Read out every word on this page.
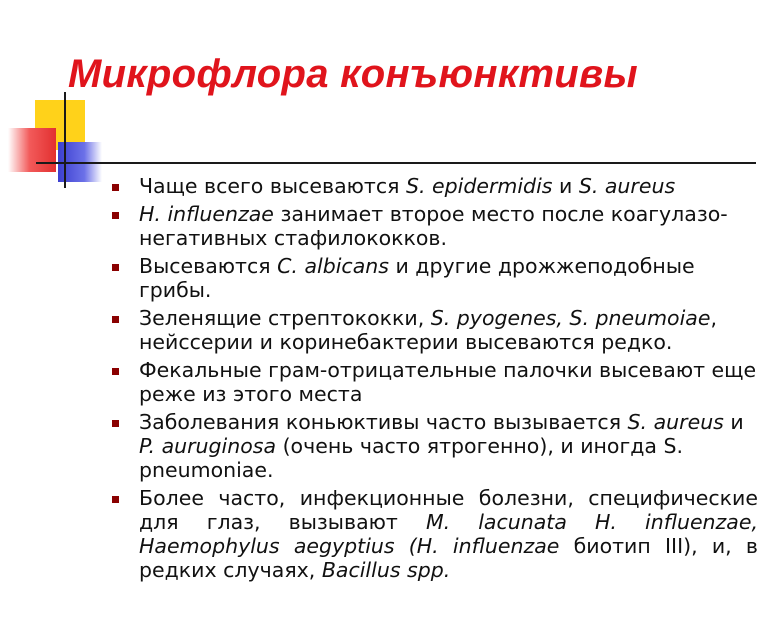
Микрофлора конъюнктивы
Чаще всего высеваются S. epidermidis и S. aureus
H. influenzae занимает второе место после коагулазо-негативных стафилококков.
Высеваются C. albicans и другие дрожжеподобные грибы.
Зеленящие стрептококки, S. pyogenes, S. pneumoiae, нейссерии и коринебактерии высеваются редко.
Фекальные грам-отрицательные палочки высевают еще реже из этого места
Заболевания коньюктивы часто вызывается S. aureus и P. auruginosa (очень часто ятрогенно), и иногда S. pneumoniae.
Более часто, инфекционные болезни, специфические для глаз, вызывают M. lacunata H. influenzae, Haemophylus aegyptius (H. influenzae биотип III), и, в редких случаях, Bacillus spp.
